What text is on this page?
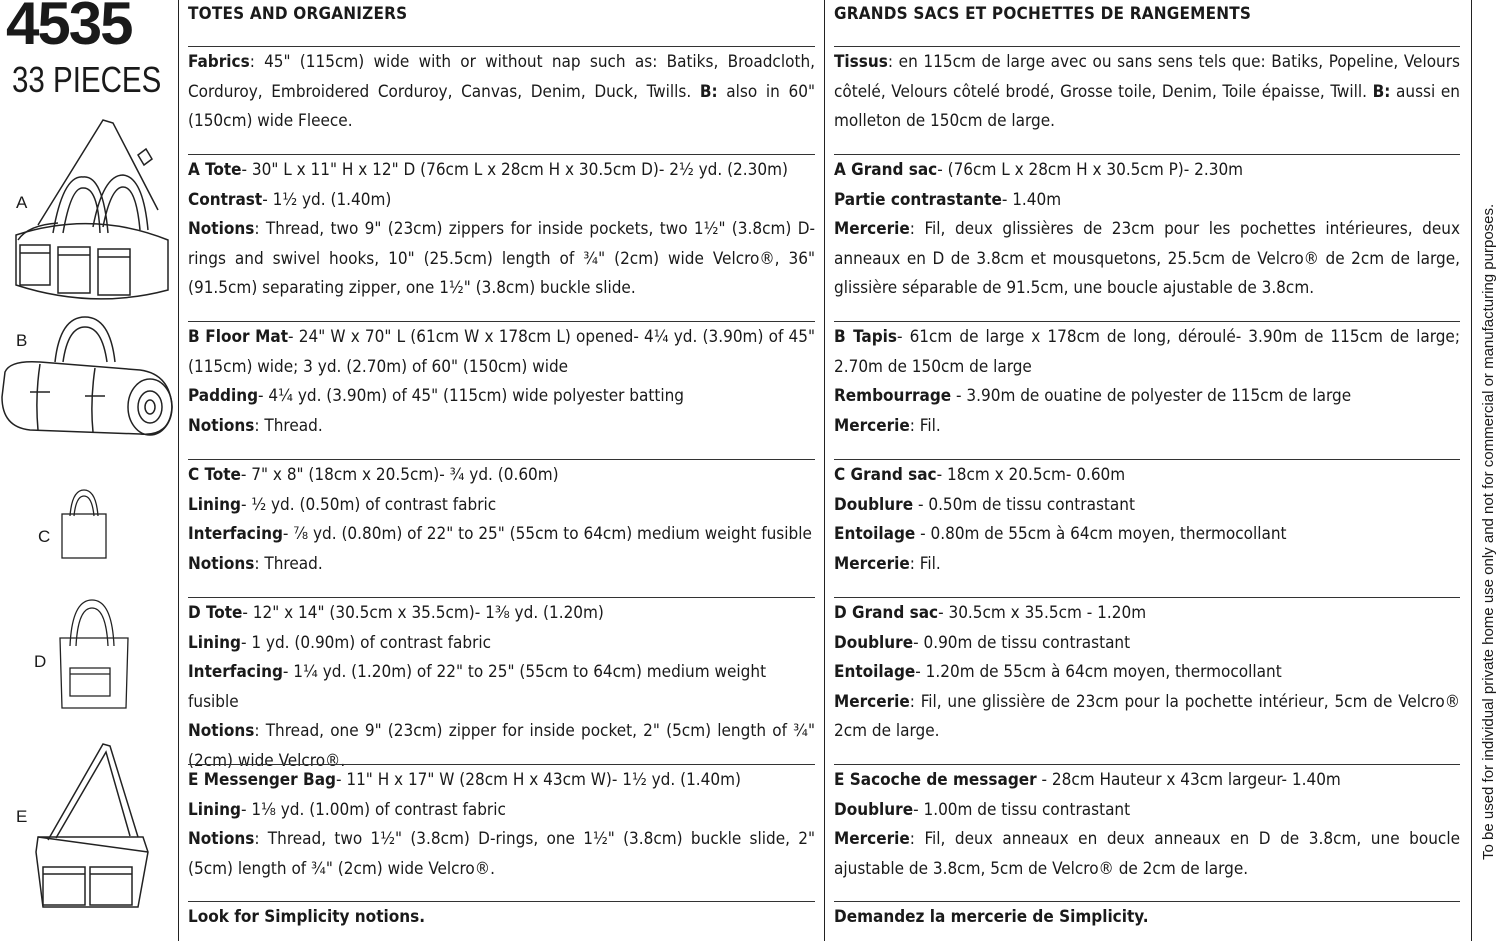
4535
33 PIECES
A
B
C
D
E
TOTES AND ORGANIZERS

Fabrics: 45" (115cm) wide with or without nap such as: Batiks, Broadcloth, Corduroy, Embroidered Corduroy, Canvas, Denim, Duck, Twills. B: also in 60" (150cm) wide Fleece.

A Tote- 30" L x 11" H x 12" D (76cm L x 28cm H x 30.5cm D)- 2½ yd. (2.30m)

Contrast- 1½ yd. (1.40m)

Notions: Thread, two 9" (23cm) zippers for inside pockets, two 1½" (3.8cm) D-rings and swivel hooks, 10" (25.5cm) length of ¾" (2cm) wide Velcro®, 36" (91.5cm) separating zipper, one 1½" (3.8cm) buckle slide.

B Floor Mat- 24" W x 70" L (61cm W x 178cm L) opened- 4¼ yd. (3.90m) of 45" (115cm) wide; 3 yd. (2.70m) of 60" (150cm) wide

Padding- 4¼ yd. (3.90m) of 45" (115cm) wide polyester batting

Notions: Thread.

C Tote- 7" x 8" (18cm x 20.5cm)- ¾ yd. (0.60m)

Lining- ½ yd. (0.50m) of contrast fabric

Interfacing- ⅞ yd. (0.80m) of 22" to 25" (55cm to 64cm) medium weight fusible

Notions: Thread.

D Tote- 12" x 14" (30.5cm x 35.5cm)- 1⅜ yd. (1.20m)

Lining- 1 yd. (0.90m) of contrast fabric

Interfacing- 1¼ yd. (1.20m) of 22" to 25" (55cm to 64cm) medium weight fusible

Notions: Thread, one 9" (23cm) zipper for inside pocket, 2" (5cm) length of ¾" (2cm) wide Velcro®.

E Messenger Bag- 11" H x 17" W (28cm H x 43cm W)- 1½ yd. (1.40m)

Lining- 1⅛ yd. (1.00m) of contrast fabric

Notions: Thread, two 1½" (3.8cm) D-rings, one 1½" (3.8cm) buckle slide, 2" (5cm) length of ¾" (2cm) wide Velcro®.

Look for Simplicity notions.

GRANDS SACS ET POCHETTES DE RANGEMENTS

Tissus: en 115cm de large avec ou sans sens tels que: Batiks, Popeline, Velours côtelé, Velours côtelé brodé, Grosse toile, Denim, Toile épaisse, Twill. B: aussi en molleton de 150cm de large.

A Grand sac- (76cm L x 28cm H x 30.5cm P)- 2.30m

Partie contrastante- 1.40m

Mercerie: Fil, deux glissières de 23cm pour les pochettes intérieures, deux anneaux en D de 3.8cm et mousquetons, 25.5cm de Velcro® de 2cm de large, glissière séparable de 91.5cm, une boucle ajustable de 3.8cm.

B Tapis- 61cm de large x 178cm de long, déroulé- 3.90m de 115cm de large; 2.70m de 150cm de large

Rembourrage - 3.90m de ouatine de polyester de 115cm de large

Mercerie: Fil.

C Grand sac- 18cm x 20.5cm- 0.60m

Doublure - 0.50m de tissu contrastant

Entoilage - 0.80m de 55cm à 64cm moyen, thermocollant

Mercerie: Fil.

D Grand sac- 30.5cm x 35.5cm - 1.20m

Doublure- 0.90m de tissu contrastant

Entoilage- 1.20m de 55cm à 64cm moyen, thermocollant

Mercerie: Fil, une glissière de 23cm pour la pochette intérieur, 5cm de Velcro® 2cm de large.

E Sacoche de messager - 28cm Hauteur x 43cm largeur- 1.40m

Doublure- 1.00m de tissu contrastant

Mercerie: Fil, deux anneaux en deux anneaux en D de 3.8cm, une boucle ajustable de 3.8cm, 5cm de Velcro® de 2cm de large.

Demandez la mercerie de Simplicity.

To be used for individual private home use only and not for commercial or manufacturing purposes.
